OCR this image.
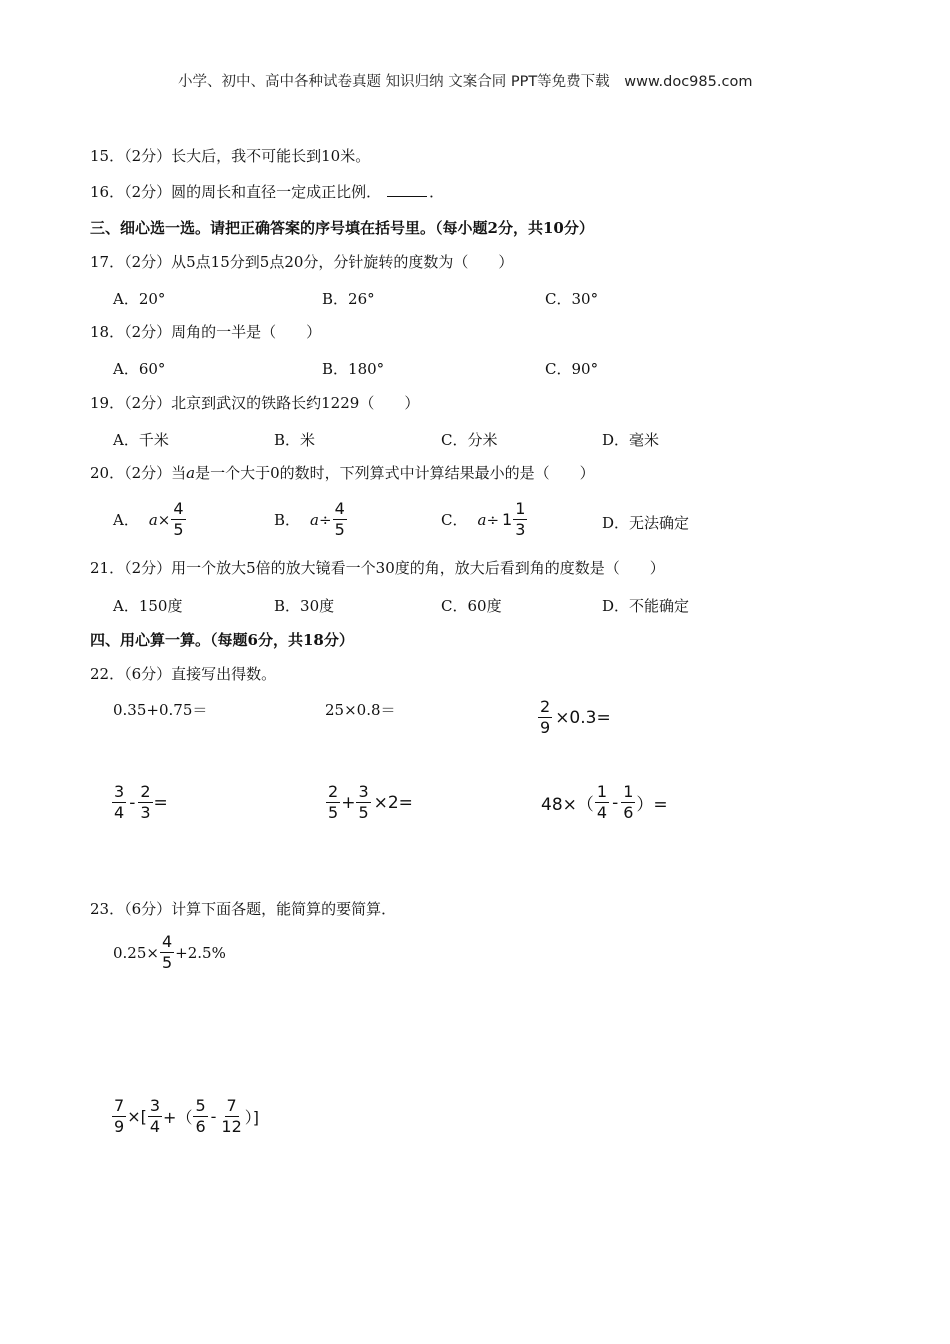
小学、初中、高中各种试卷真题 知识归纳 文案合同 PPT等免费下载 www.doc985.com
15．（2分）长大后，我不可能长到10米。
16．（2分）圆的周长和直径一定成正比例．	．
三、细心选一选。请把正确答案的序号填在括号里。（每小题2分，共10分）
17．（2分）从5点15分到5点20分，分针旋转的度数为（　　）
A．20°	B．26°	C．30°
18．（2分）周角的一半是（　　）
A．60°	B．180°	C．90°
19．（2分）北京到武汉的铁路长约1229（　　）
A．千米	B．米	C．分米	D．毫米
20．（2分）当a是一个大于0的数时，下列算式中计算结果最小的是（　　）
A． $a \times \frac{4}{5}$	B． $a \div \frac{4}{5}$	C． $a \div 1 \frac{1}{3}$	D．无法确定
21．（2分）用一个放大5倍的放大镜看一个30度的角，放大后看到角的度数是（　　）
A．150度	B．30度	C．60度	D．不能确定
四、用心算一算。（每题6分，共18分）
22．（6分）直接写出得数。
0.35+0.75＝	25×0.8＝	$\frac{2}{9} \times 0.3=$
$\frac{3}{4} - \frac{2}{3}$ =	$\frac{2}{5} + \frac{3}{5} \times 2=$	$48\times( \frac{1}{4} - \frac{1}{6}$ ）=
23．（6分）计算下面各题，能简算的要简算．
$0.25\times \frac{4}{5} +2.5\%$
$\frac{7}{9}$ ×[ $\frac{3}{4}$ +（ $\frac{5}{6} - \frac{7}{12}$ ）]
